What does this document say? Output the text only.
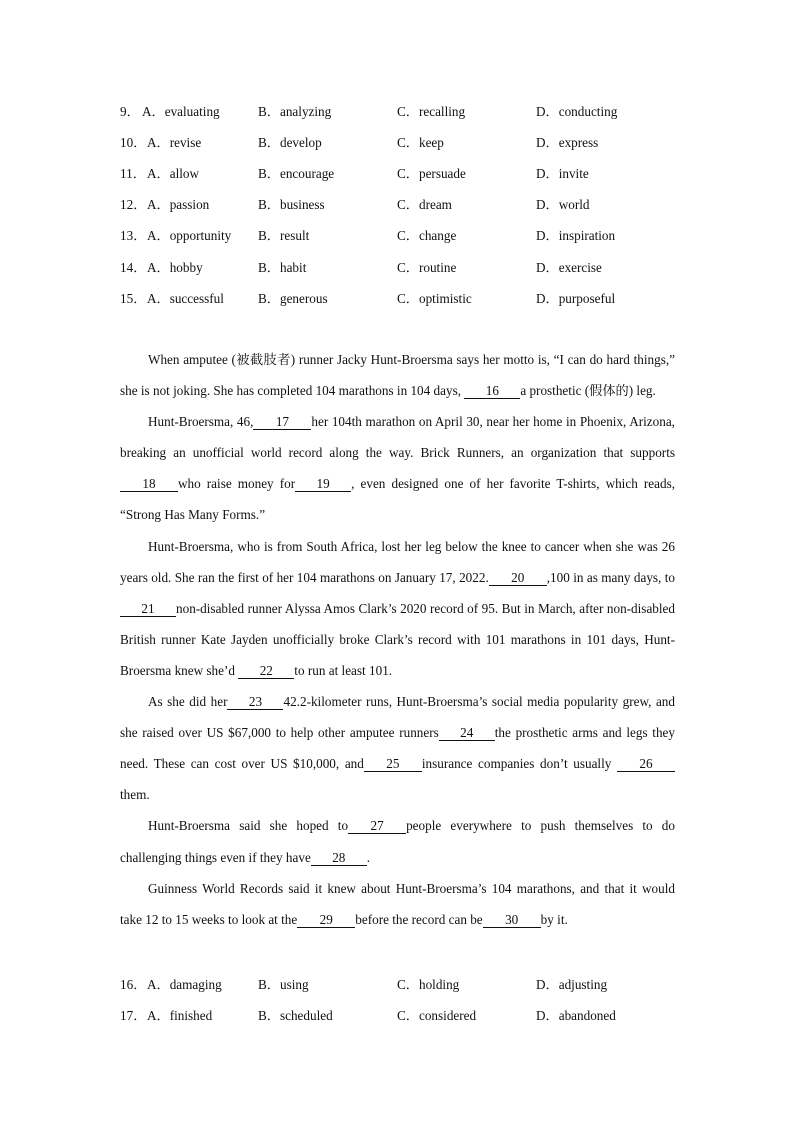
9． A．evaluating	B．analyzing	C．recalling	D．conducting
10． A．revise	B．develop	C．keep	D．express
11． A．allow	B．encourage	C．persuade	D．invite
12． A．passion	B．business	C．dream	D．world
13． A．opportunity B．result	C．change	D．inspiration
14． A．hobby	B．habit	C．routine	D．exercise
15． A．successful	B．generous	C．optimistic	D．purposeful

When amputee (被截肢者) runner Jacky Hunt-Broersma says her motto is, “I can do hard things,” she is not joking. She has completed 104 marathons in 104 days, 16 a prosthetic (假体的) leg.

Hunt-Broersma, 46, 17 her 104th marathon on April 30, near her home in Phoenix, Arizona, breaking an unofficial world record along the way. Brick Runners, an organization that supports18 who raise money for 19 , even designed one of her favorite T-shirts, which reads, “Strong Has Many Forms.”

Hunt-Broersma, who is from South Africa, lost her leg below the knee to cancer when she was 26 years old. She ran the first of her 104 marathons on January 17, 2022. 20 ,100 in as many days, to21 non-disabled runner Alyssa Amos Clark’s 2020 record of 95. But in March, after non-disabled British runner Kate Jayden unofficially broke Clark’s record with 101 marathons in 101 days, Hunt-Broersma knew she’d 22 to run at least 101.

As she did her 23 42.2-kilometer runs, Hunt-Broersma’s social media popularity grew, and she raised over US $67,000 to help other amputee runners 24 the prosthetic arms and legs they need. These can cost over US $10,000, and 25 insurance companies don’t usually 26them.

Hunt-Broersma said she hoped to 27 people everywhere to push themselves to do challenging things even if they have 28 .

Guinness World Records said it knew about Hunt-Broersma’s 104 marathons, and that it would take 12 to 15 weeks to look at the 29 before the record can be 30 by it.

16． A．damaging	B．using	C．holding	D．adjusting
17． A．finished	B．scheduled	C．considered	D．abandoned
